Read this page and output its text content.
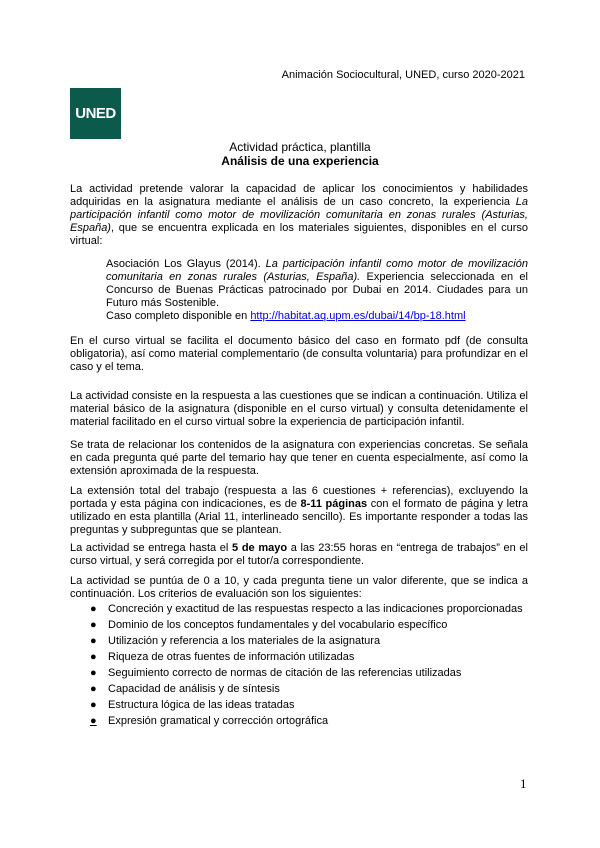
Animación Sociocultural, UNED, curso 2020-2021
UNED
Actividad práctica, plantilla
Análisis de una experiencia
La actividad pretende valorar la capacidad de aplicar los conocimientos y habilidades adquiridas en la asignatura mediante el análisis de un caso concreto, la experiencia La participación infantil como motor de movilización comunitaria en zonas rurales (Asturias, España), que se encuentra explicada en los materiales siguientes, disponibles en el curso virtual:
Asociación Los Glayus (2014). La participación infantil como motor de movilización comunitaria en zonas rurales (Asturias, España). Experiencia seleccionada en el Concurso de Buenas Prácticas patrocinado por Dubai en 2014. Ciudades para un Futuro más Sostenible.
Caso completo disponible en http://habitat.aq.upm.es/dubai/14/bp-18.html
En el curso virtual se facilita el documento básico del caso en formato pdf (de consulta obligatoria), así como material complementario (de consulta voluntaria) para profundizar en el caso y el tema.
La actividad consiste en la respuesta a las cuestiones que se indican a continuación. Utiliza el material básico de la asignatura (disponible en el curso virtual) y consulta detenidamente el material facilitado en el curso virtual sobre la experiencia de participación infantil.
Se trata de relacionar los contenidos de la asignatura con experiencias concretas. Se señala en cada pregunta qué parte del temario hay que tener en cuenta especialmente, así como la extensión aproximada de la respuesta.
La extensión total del trabajo (respuesta a las 6 cuestiones + referencias), excluyendo la portada y esta página con indicaciones, es de 8-11 páginas con el formato de página y letra utilizado en esta plantilla (Arial 11, interlineado sencillo). Es importante responder a todas las preguntas y subpreguntas que se plantean.
La actividad se entrega hasta el 5 de mayo a las 23:55 horas en “entrega de trabajos” en el curso virtual, y será corregida por el tutor/a correspondiente.
La actividad se puntúa de 0 a 10, y cada pregunta tiene un valor diferente, que se indica a continuación. Los criterios de evaluación son los siguientes:
● Concreción y exactitud de las respuestas respecto a las indicaciones proporcionadas
● Dominio de los conceptos fundamentales y del vocabulario específico
● Utilización y referencia a los materiales de la asignatura
● Riqueza de otras fuentes de información utilizadas
● Seguimiento correcto de normas de citación de las referencias utilizadas
● Capacidad de análisis y de síntesis
● Estructura lógica de las ideas tratadas
● Expresión gramatical y corrección ortográfica
1
